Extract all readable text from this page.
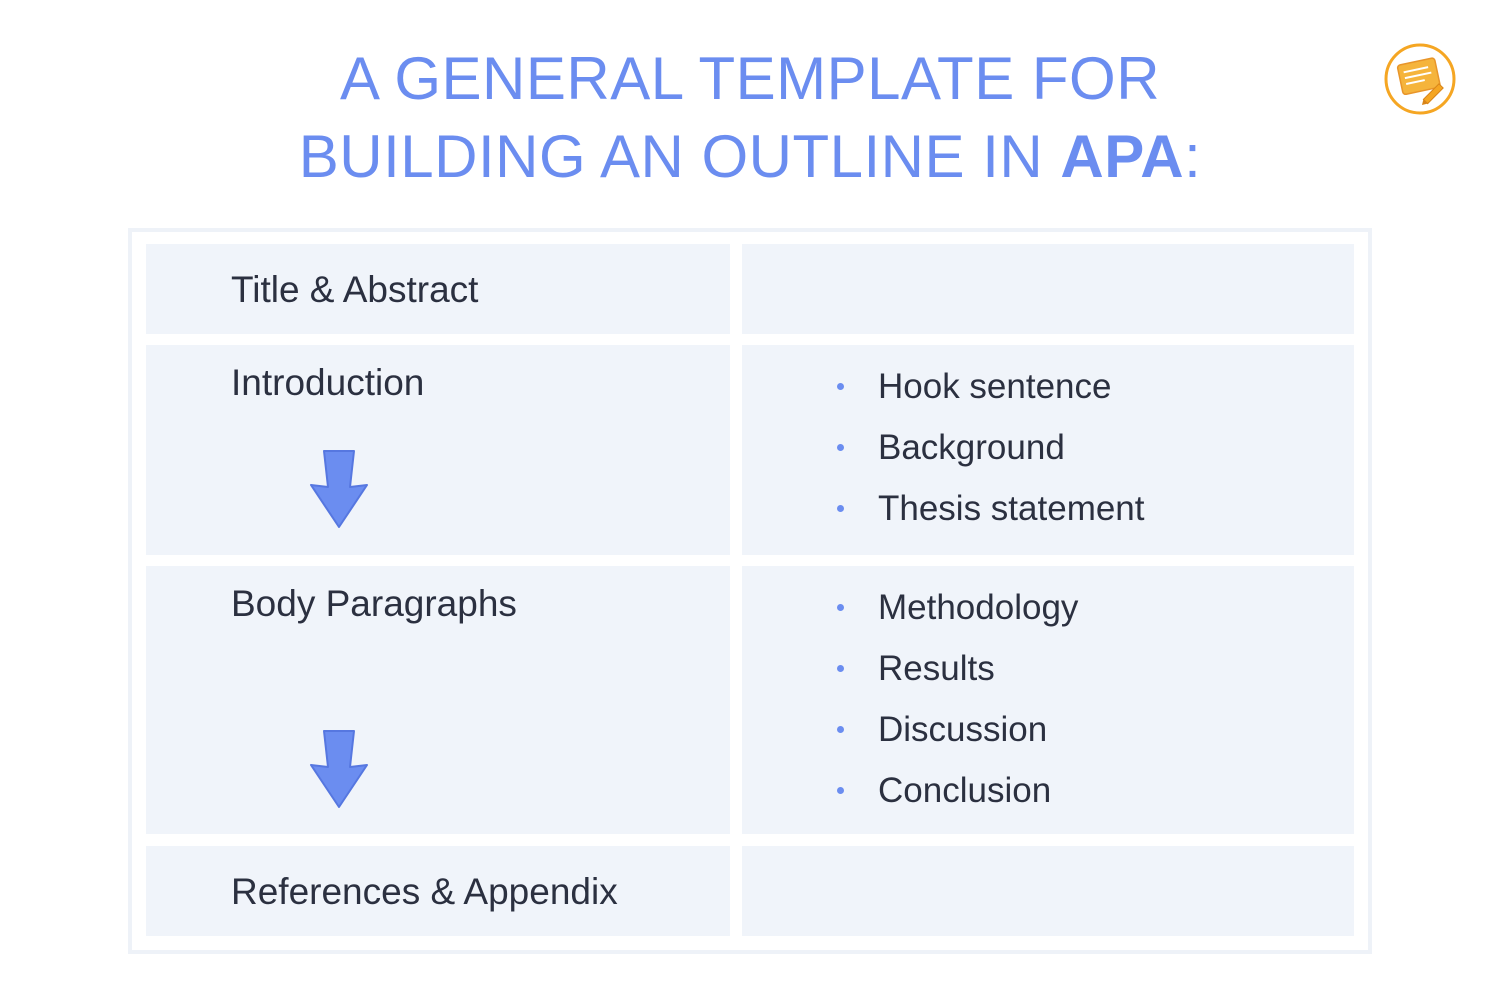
A GENERAL TEMPLATE FOR
BUILDING AN OUTLINE IN APA:
Title & Abstract
Introduction	Hook sentence
Background
Thesis statement
Body Paragraphs	Methodology
Results
Discussion
Conclusion
References & Appendix
